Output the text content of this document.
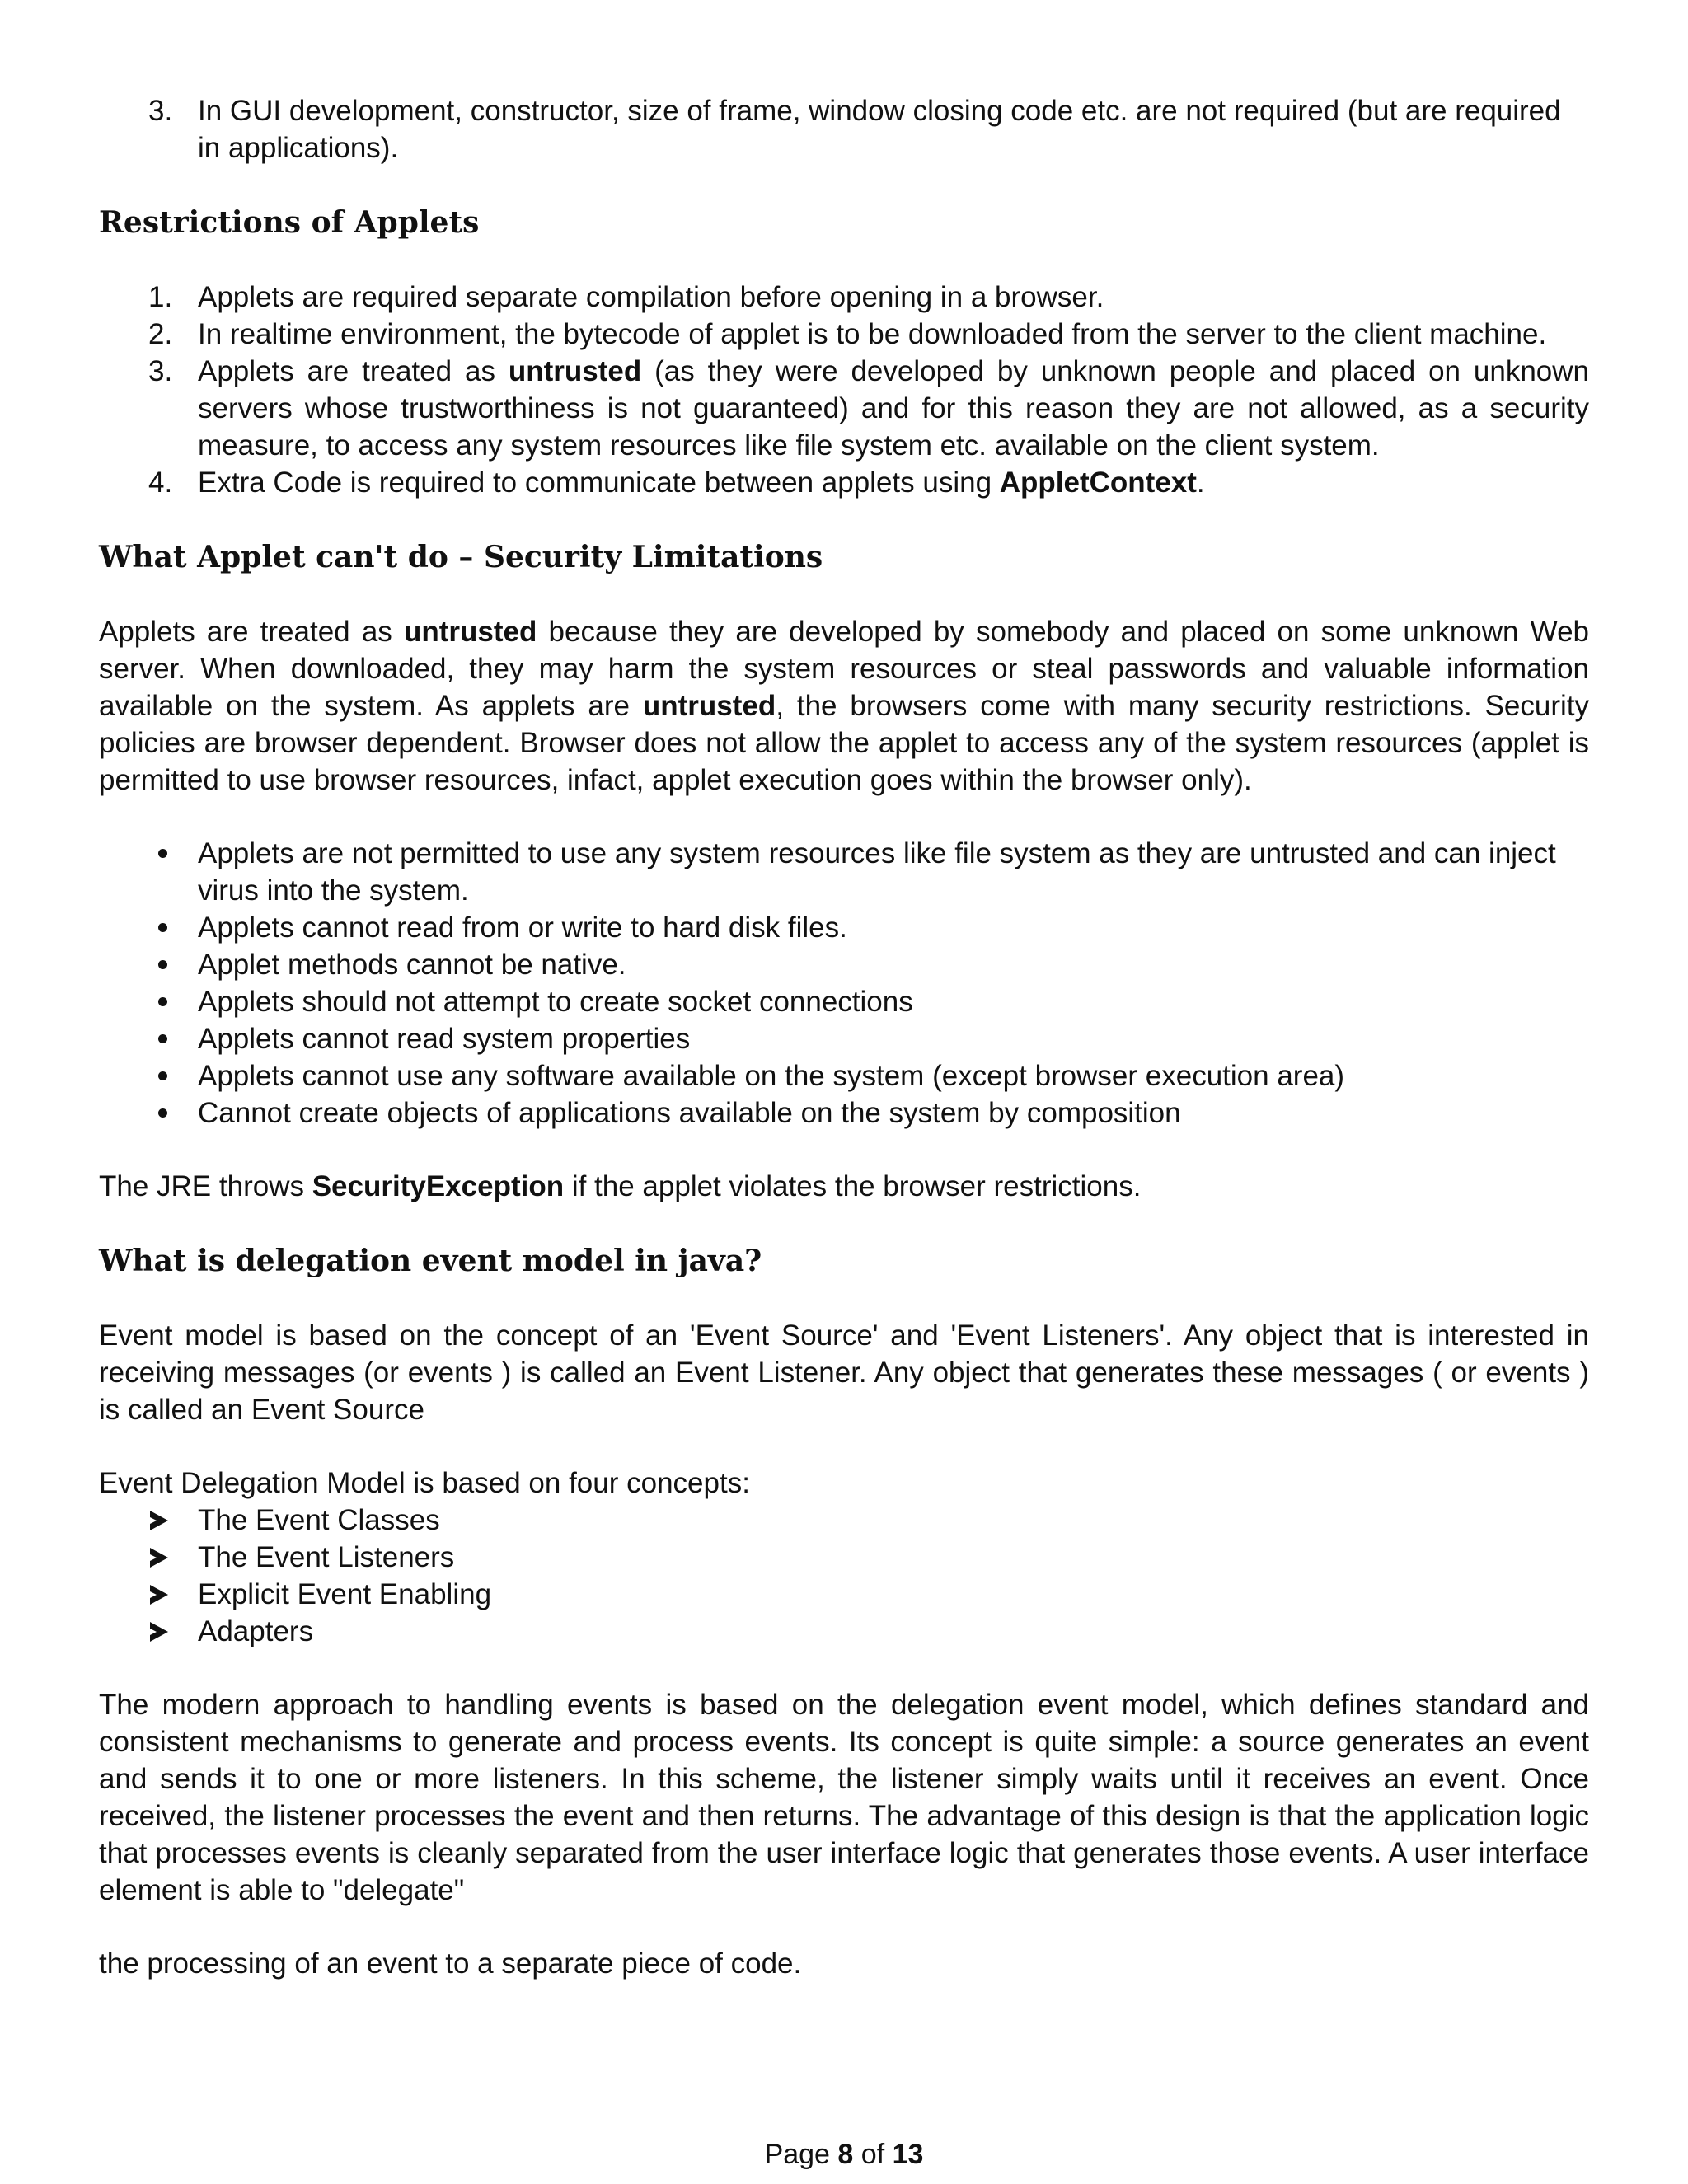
3. In GUI development, constructor, size of frame, window closing code etc. are not required (but are required in applications).
Restrictions of Applets
1. Applets are required separate compilation before opening in a browser.
2. In realtime environment, the bytecode of applet is to be downloaded from the server to the client machine.
3. Applets are treated as untrusted (as they were developed by unknown people and placed on unknown servers whose trustworthiness is not guaranteed) and for this reason they are not allowed, as a security measure, to access any system resources like file system etc. available on the client system.
4. Extra Code is required to communicate between applets using AppletContext.
What Applet can't do – Security Limitations

Applets are treated as untrusted because they are developed by somebody and placed on some unknown Web server. When downloaded, they may harm the system resources or steal passwords and valuable information available on the system. As applets are untrusted, the browsers come with many security restrictions. Security policies are browser dependent. Browser does not allow the applet to access any of the system resources (applet is permitted to use browser resources, infact, applet execution goes within the browser only).

Applets are not permitted to use any system resources like file system as they are untrusted and can inject virus into the system.
Applets cannot read from or write to hard disk files.
Applet methods cannot be native.
Applets should not attempt to create socket connections
Applets cannot read system properties
Applets cannot use any software available on the system (except browser execution area)
Cannot create objects of applications available on the system by composition

The JRE throws SecurityException if the applet violates the browser restrictions.

What is delegation event model in java?

Event model is based on the concept of an 'Event Source' and 'Event Listeners'. Any object that is interested in receiving messages (or events ) is called an Event Listener. Any object that generates these messages ( or events ) is called an Event Source

Event Delegation Model is based on four concepts:

The Event Classes
The Event Listeners
Explicit Event Enabling
Adapters

The modern approach to handling events is based on the delegation event model, which defines standard and consistent mechanisms to generate and process events. Its concept is quite simple: a source generates an event and sends it to one or more listeners. In this scheme, the listener simply waits until it receives an event. Once received, the listener processes the event and then returns. The advantage of this design is that the application logic that processes events is cleanly separated from the user interface logic that generates those events. A user interface element is able to "delegate"

the processing of an event to a separate piece of code.

Page 8 of 13
